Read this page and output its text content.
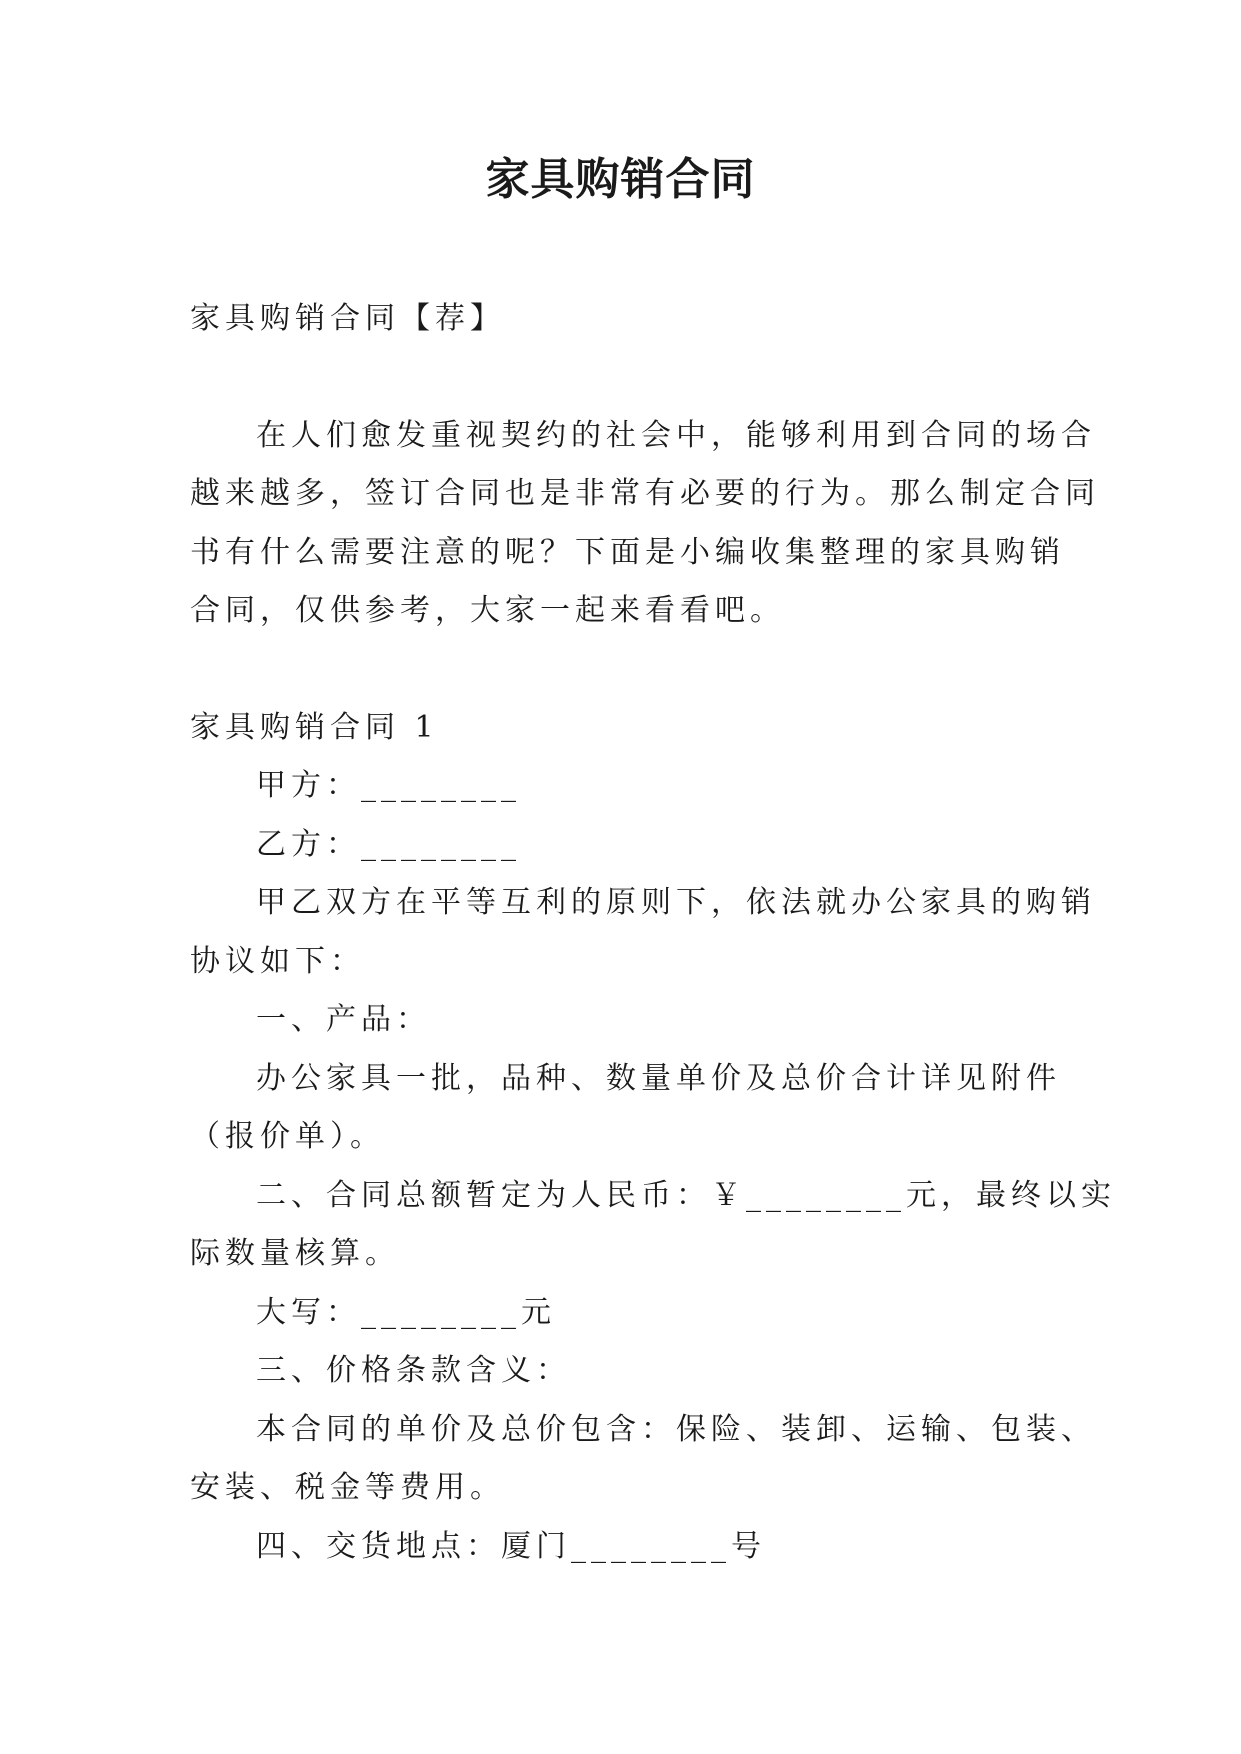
家具购销合同

家具购销合同【荐】

在人们愈发重视契约的社会中，能够利用到合同的场合

越来越多，签订合同也是非常有必要的行为。那么制定合同

书有什么需要注意的呢？下面是小编收集整理的家具购销

合同，仅供参考，大家一起来看看吧。

家具购销合同 1

甲方：________

乙方：________

甲乙双方在平等互利的原则下，依法就办公家具的购销

协议如下：

一、产品：

办公家具一批，品种、数量单价及总价合计详见附件

（报价单）。

二、合同总额暂定为人民币：￥________元，最终以实

际数量核算。

大写：________元

三、价格条款含义：

本合同的单价及总价包含：保险、装卸、运输、包装、

安装、税金等费用。

四、交货地点：厦门________号
